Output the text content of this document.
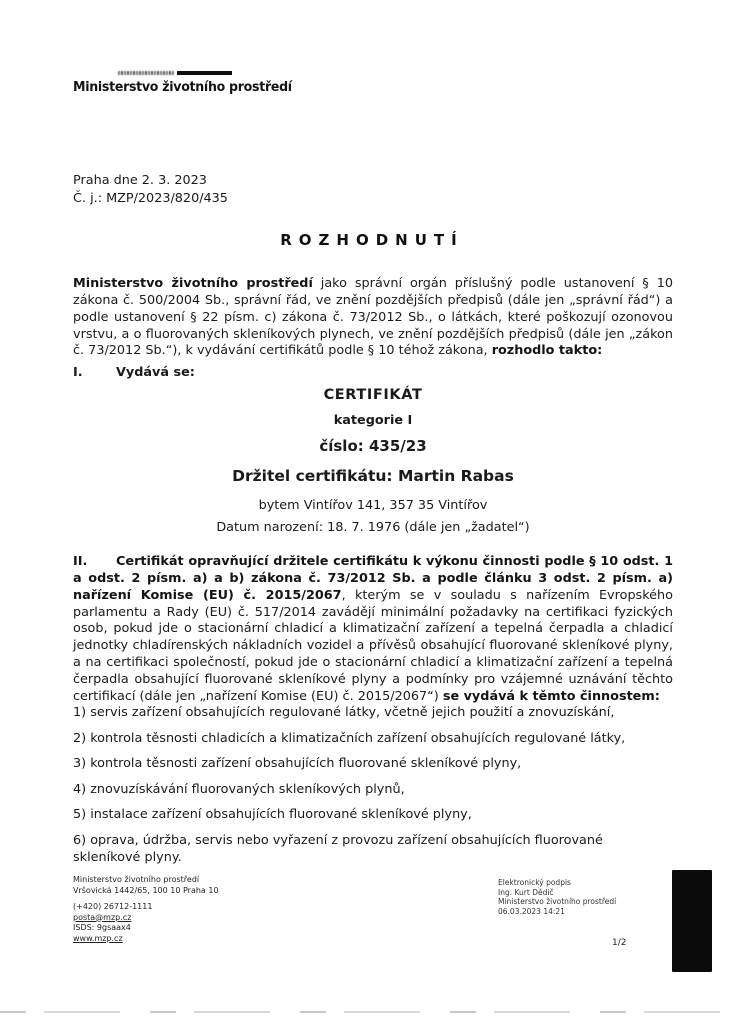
Ministerstvo životního prostředí
Praha dne 2. 3. 2023
Č. j.: MZP/2023/820/435
ROZHODNUTÍ

Ministerstvo životního prostředí jako správní orgán příslušný podle ustanovení § 10 zákona č. 500/2004 Sb., správní řád, ve znění pozdějších předpisů (dále jen „správní řád“) a podle ustanovení § 22 písm. c) zákona č. 73/2012 Sb., o látkách, které poškozují ozonovou vrstvu, a o fluorovaných skleníkových plynech, ve znění pozdějších předpisů (dále jen „zákon č. 73/2012 Sb.“), k vydávání certifikátů podle § 10 téhož zákona, rozhodlo takto:

I.	Vydává se:
CERTIFIKÁT
kategorie I
číslo: 435/23
Držitel certifikátu: Martin Rabas
bytem Vintířov 141, 357 35 Vintířov
Datum narození: 18. 7. 1976 (dále jen „žadatel“)

II. Certifikát opravňující držitele certifikátu k výkonu činnosti podle § 10 odst. 1 a odst. 2 písm. a) a b) zákona č. 73/2012 Sb. a podle článku 3 odst. 2 písm. a) nařízení Komise (EU) č. 2015/2067, kterým se v souladu s nařízením Evropského parlamentu a Rady (EU) č. 517/2014 zavádějí minimální požadavky na certifikaci fyzických osob, pokud jde o stacionární chladicí a klimatizační zařízení a tepelná čerpadla a chladicí jednotky chladírenských nákladních vozidel a přívěsů obsahující fluorované skleníkové plyny, a na certifikaci společností, pokud jde o stacionární chladicí a klimatizační zařízení a tepelná čerpadla obsahující fluorované skleníkové plyny a podmínky pro vzájemné uznávání těchto certifikací (dále jen „nařízení Komise (EU) č. 2015/2067“) se vydává k těmto činnostem:

1) servis zařízení obsahujících regulované látky, včetně jejich použití a znovuzískání,
2) kontrola těsnosti chladicích a klimatizačních zařízení obsahujících regulované látky,
3) kontrola těsnosti zařízení obsahujících fluorované skleníkové plyny,
4) znovuzískávání fluorovaných skleníkových plynů,
5) instalace zařízení obsahujících fluorované skleníkové plyny,
6) oprava, údržba, servis nebo vyřazení z provozu zařízení obsahujících fluorované skleníkové plyny.
Ministerstvo životního prostředí
Vršovická 1442/65, 100 10 Praha 10
(+420) 26712-1111
posta@mzp.cz
ISDS: 9gsaax4
www.mzp.cz
Elektronický podpis
Ing. Kurt Dědič
Ministerstvo životního prostředí
06.03.2023 14:21
1/2
